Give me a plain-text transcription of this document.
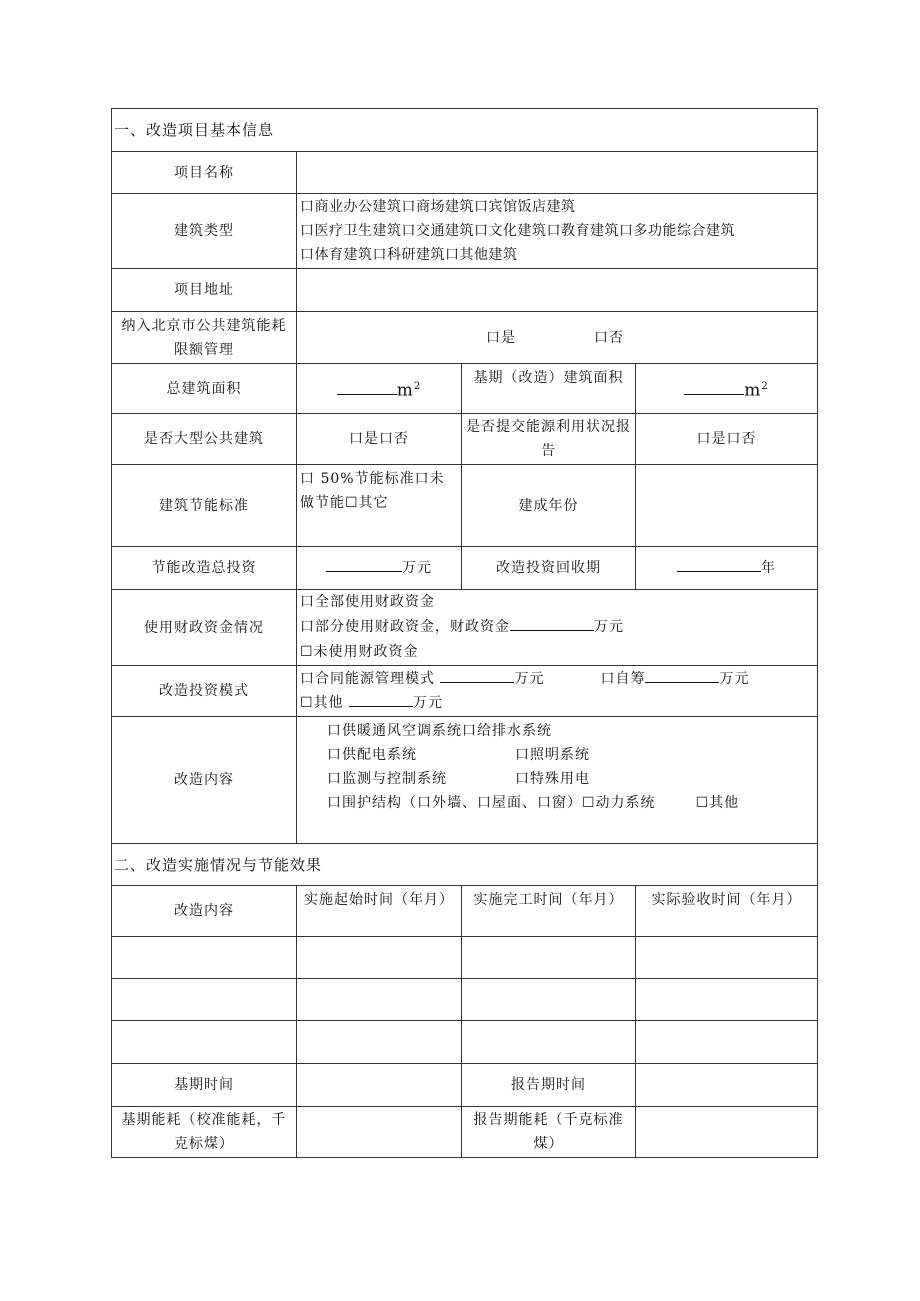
一、改造项目基本信息			
项目名称			
建筑类型	口商业办公建筑口商场建筑口宾馆饭店建筑
口医疗卫生建筑口交通建筑口文化建筑口教育建筑口多功能综合建筑
口体育建筑口科研建筑口其他建筑		

项目地址			
纳入北京市公共建筑能耗限额管理	口是 口否		
总建筑面积	$m^2$	基期（改造）建筑面积	$m^2$
是否大型公共建筑	口是口否	是否提交能源利用状况报告	口是口否
建筑节能标准	口 50%节能标准口未做节能☐其它	建成年份	
节能改造总投资	万元	改造投资回收期	年
使用财政资金情况	口全部使用财政资金
口部分使用财政资金，财政资金 万元
☐未使用财政资金		

改造投资模式	口合同能源管理模式 万元 口自筹 万元
☐其他 万元		

改造内容	口供暖通风空调系统口给排水系统
口供配电系统 口照明系统
口监测与控制系统 口特殊用电
口围护结构（口外墙、口屋面、口窗）☐动力系统 ☐其他		

二、改造实施情况与节能效果			
改造内容	实施起始时间（年月）	实施完工时间（年月）	实际验收时间（年月）

基期时间		报告期时间	
基期能耗（校准能耗，千克标煤）		报告期能耗（千克标准煤）	
